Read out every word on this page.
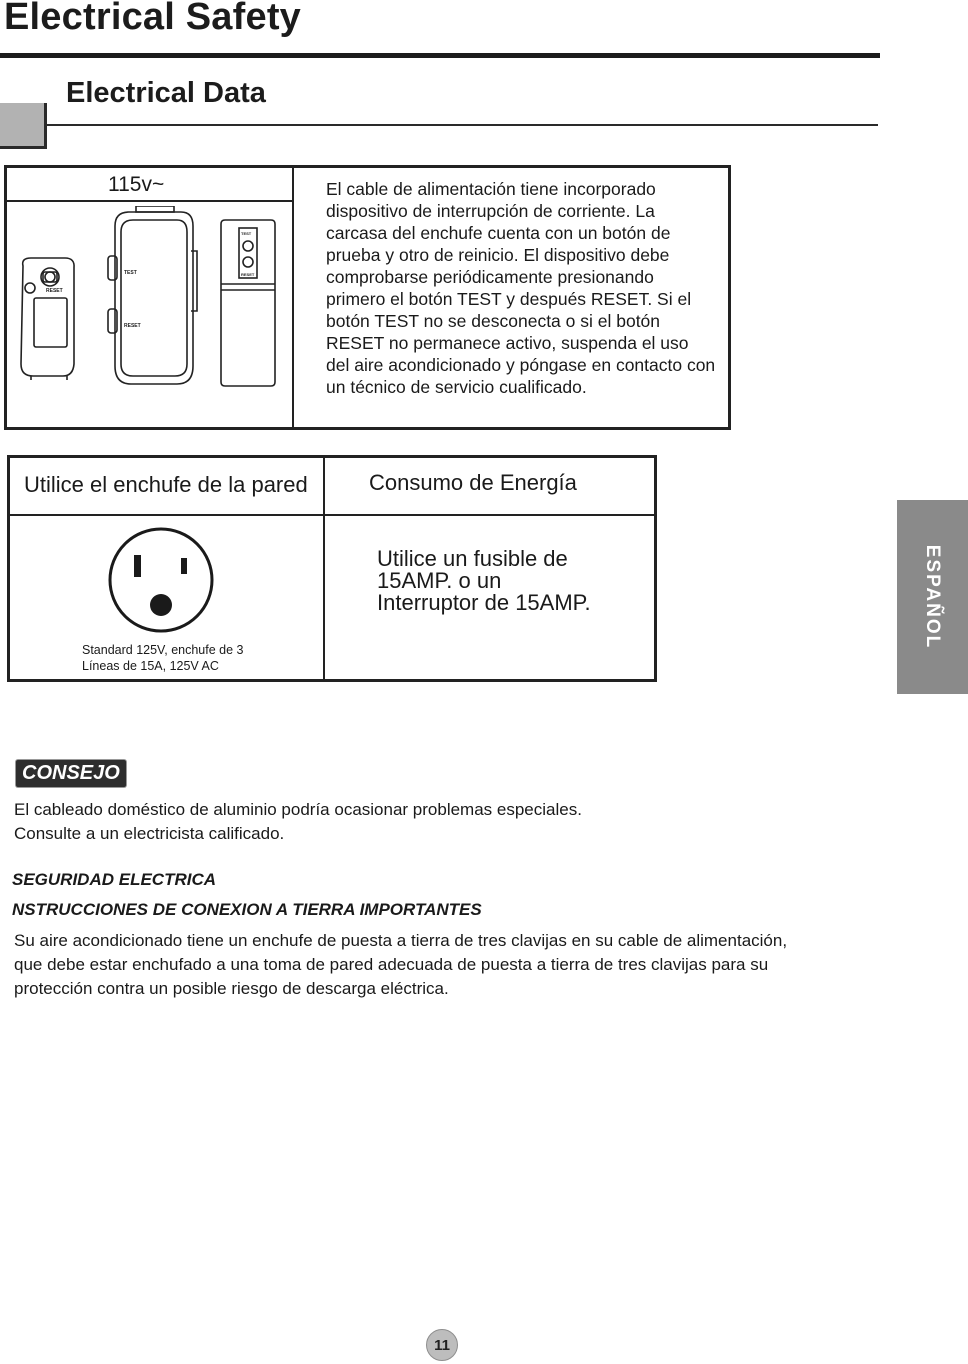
Electrical Safety
Electrical Data
115v~
RESET
TEST
RESET
TEST
RESET
El cable de alimentación tiene incorporado dispositivo de interrupción de corriente. La carcasa del enchufe cuenta con un botón de prueba y otro de reinicio. El dispositivo debe comprobarse periódicamente presionando primero el botón TEST y después RESET. Si el botón TEST no se desconecta o si el botón RESET no permanece activo, suspenda el uso del aire acondicionado y póngase en contacto con un técnico de servicio cualificado.
Utilice el enchufe de la pared	Consumo de Energía
Standard 125V, enchufe de 3
Líneas de 15A, 125V AC
Utilice un fusible de
15AMP. o un
Interruptor de 15AMP.	ESPAÑOL
CONSEJO
El cableado doméstico de aluminio podría ocasionar problemas especiales.
Consulte a un electricista calificado.
SEGURIDAD ELECTRICA
NSTRUCCIONES DE CONEXION A TIERRA IMPORTANTES
Su aire acondicionado tiene un enchufe de puesta a tierra de tres clavijas en su cable de alimentación,
que debe estar enchufado a una toma de pared adecuada de puesta a tierra de tres clavijas para su
protección contra un posible riesgo de descarga eléctrica.
11
